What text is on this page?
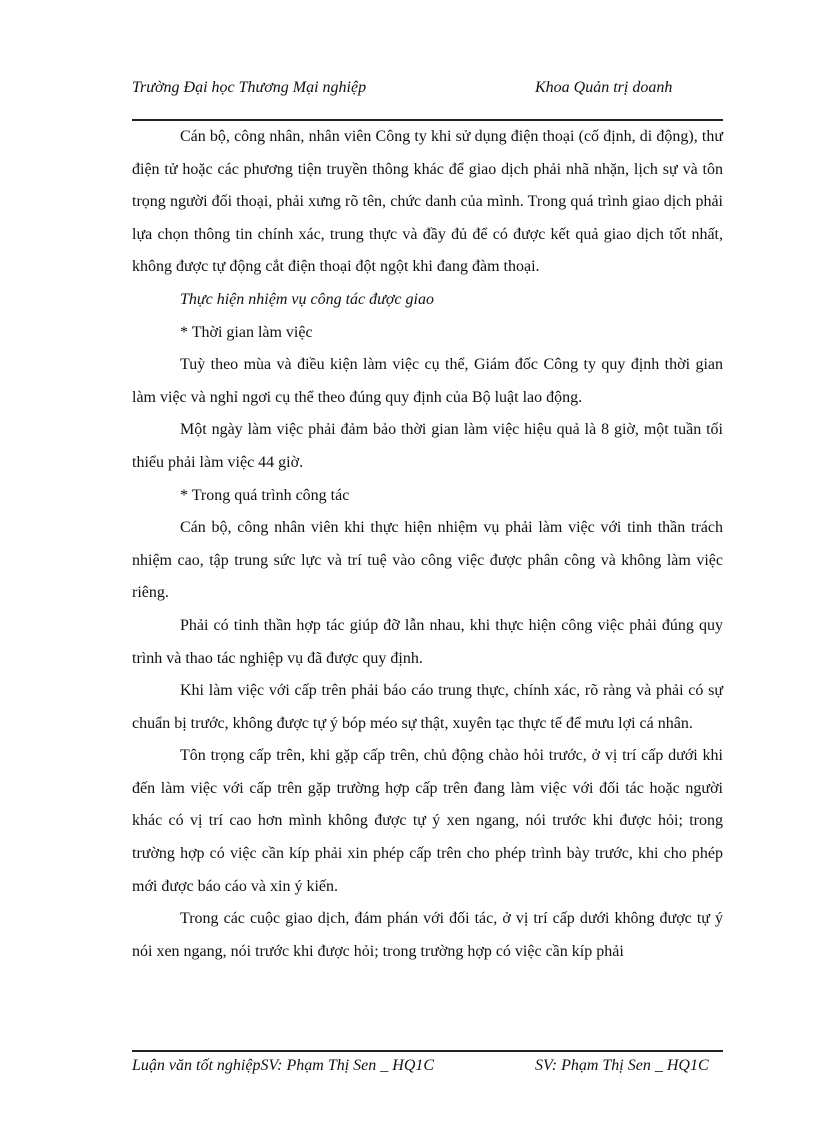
Trường Đại học Thương Mại nghiệp	Khoa Quản trị doanh

Cán bộ, công nhân, nhân viên Công ty khi sử dụng điện thoại (cố định, di động), thư điện tử hoặc các phương tiện truyền thông khác để giao dịch phải nhã nhặn, lịch sự và tôn trọng người đối thoại, phải xưng rõ tên, chức danh của mình. Trong quá trình giao dịch phải lựa chọn thông tin chính xác, trung thực và đầy đủ để có được kết quả giao dịch tốt nhất, không được tự động cắt điện thoại đột ngột khi đang đàm thoại.

Thực hiện nhiệm vụ công tác được giao

* Thời gian làm việc

Tuỳ theo mùa và điều kiện làm việc cụ thể, Giám đốc Công ty quy định thời gian làm việc và nghỉ ngơi cụ thể theo đúng quy định của Bộ luật lao động.

Một ngày làm việc phải đảm bảo thời gian làm việc hiệu quả là 8 giờ, một tuần tối thiểu phải làm việc 44 giờ.

* Trong quá trình công tác

Cán bộ, công nhân viên khi thực hiện nhiệm vụ phải làm việc với tinh thần trách nhiệm cao, tập trung sức lực và trí tuệ vào công việc được phân công và không làm việc riêng.

Phải có tinh thần hợp tác giúp đỡ lẫn nhau, khi thực hiện công việc phải đúng quy trình và thao tác nghiệp vụ đã được quy định.

Khi làm việc với cấp trên phải báo cáo trung thực, chính xác, rõ ràng và phải có sự chuẩn bị trước, không được tự ý bóp méo sự thật, xuyên tạc thực tế để mưu lợi cá nhân.

Tôn trọng cấp trên, khi gặp cấp trên, chủ động chào hỏi trước, ở vị trí cấp dưới khi đến làm việc với cấp trên gặp trường hợp cấp trên đang làm việc với đối tác hoặc người khác có vị trí cao hơn mình không được tự ý xen ngang, nói trước khi được hỏi; trong trường hợp có việc cần kíp phải xin phép cấp trên cho phép trình bày trước, khi cho phép mới được báo cáo và xin ý kiến.

Trong các cuộc giao dịch, đám phán với đối tác, ở vị trí cấp dưới không được tự ý nói xen ngang, nói trước khi được hỏi; trong trường hợp có việc cần kíp phải

Luận văn tốt nghiệpSV: Phạm Thị Sen _ HQ1C	SV: Phạm Thị Sen _ HQ1C
